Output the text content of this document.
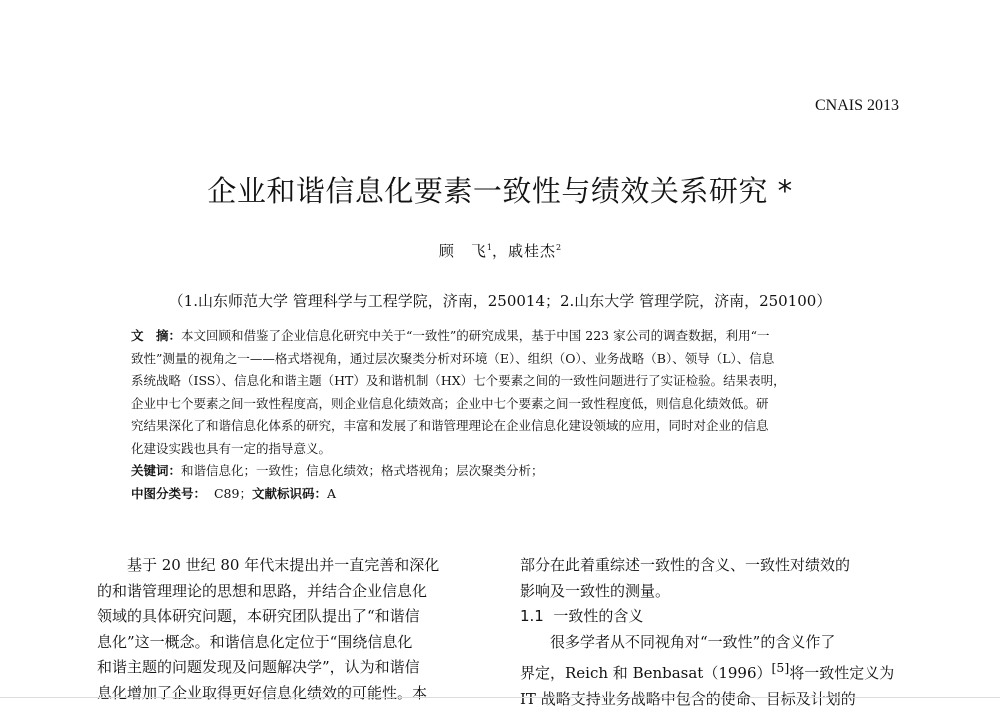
CNAIS 2013
企业和谐信息化要素一致性与绩效关系研究 *
顾　飞$^1$，戚桂杰$^2$
（1.山东师范大学 管理科学与工程学院，济南，250014；2.山东大学 管理学院，济南，250100）
文　摘：本文回顾和借鉴了企业信息化研究中关于“一致性”的研究成果，基于中国 223 家公司的调查数据，利用“一
致性”测量的视角之一——格式塔视角，通过层次聚类分析对环境（E）、组织（O）、业务战略（B）、领导（L）、信息
系统战略（ISS）、信息化和谐主题（HT）及和谐机制（HX）七个要素之间的一致性问题进行了实证检验。结果表明，
企业中七个要素之间一致性程度高，则企业信息化绩效高；企业中七个要素之间一致性程度低，则信息化绩效低。研
究结果深化了和谐信息化体系的研究，丰富和发展了和谐管理理论在企业信息化建设领域的应用，同时对企业的信息
化建设实践也具有一定的指导意义。
关键词：和谐信息化；一致性；信息化绩效；格式塔视角；层次聚类分析；
中图分类号： C89；文献标识码：A
　　基于 20 世纪 80 年代末提出并一直完善和深化
的和谐管理理论的思想和思路，并结合企业信息化
领域的具体研究问题，本研究团队提出了“和谐信
息化”这一概念。和谐信息化定位于“围绕信息化
和谐主题的问题发现及问题解决学”，认为和谐信
息化增加了企业取得更好信息化绩效的可能性。本
部分在此着重综述一致性的含义、一致性对绩效的
影响及一致性的测量。
1.1 一致性的含义
　　很多学者从不同视角对“一致性”的含义作了
界定，Reich 和 Benbasat（1996）[5]将一致性定义为
IT 战略支持业务战略中包含的使命、目标及计划的
